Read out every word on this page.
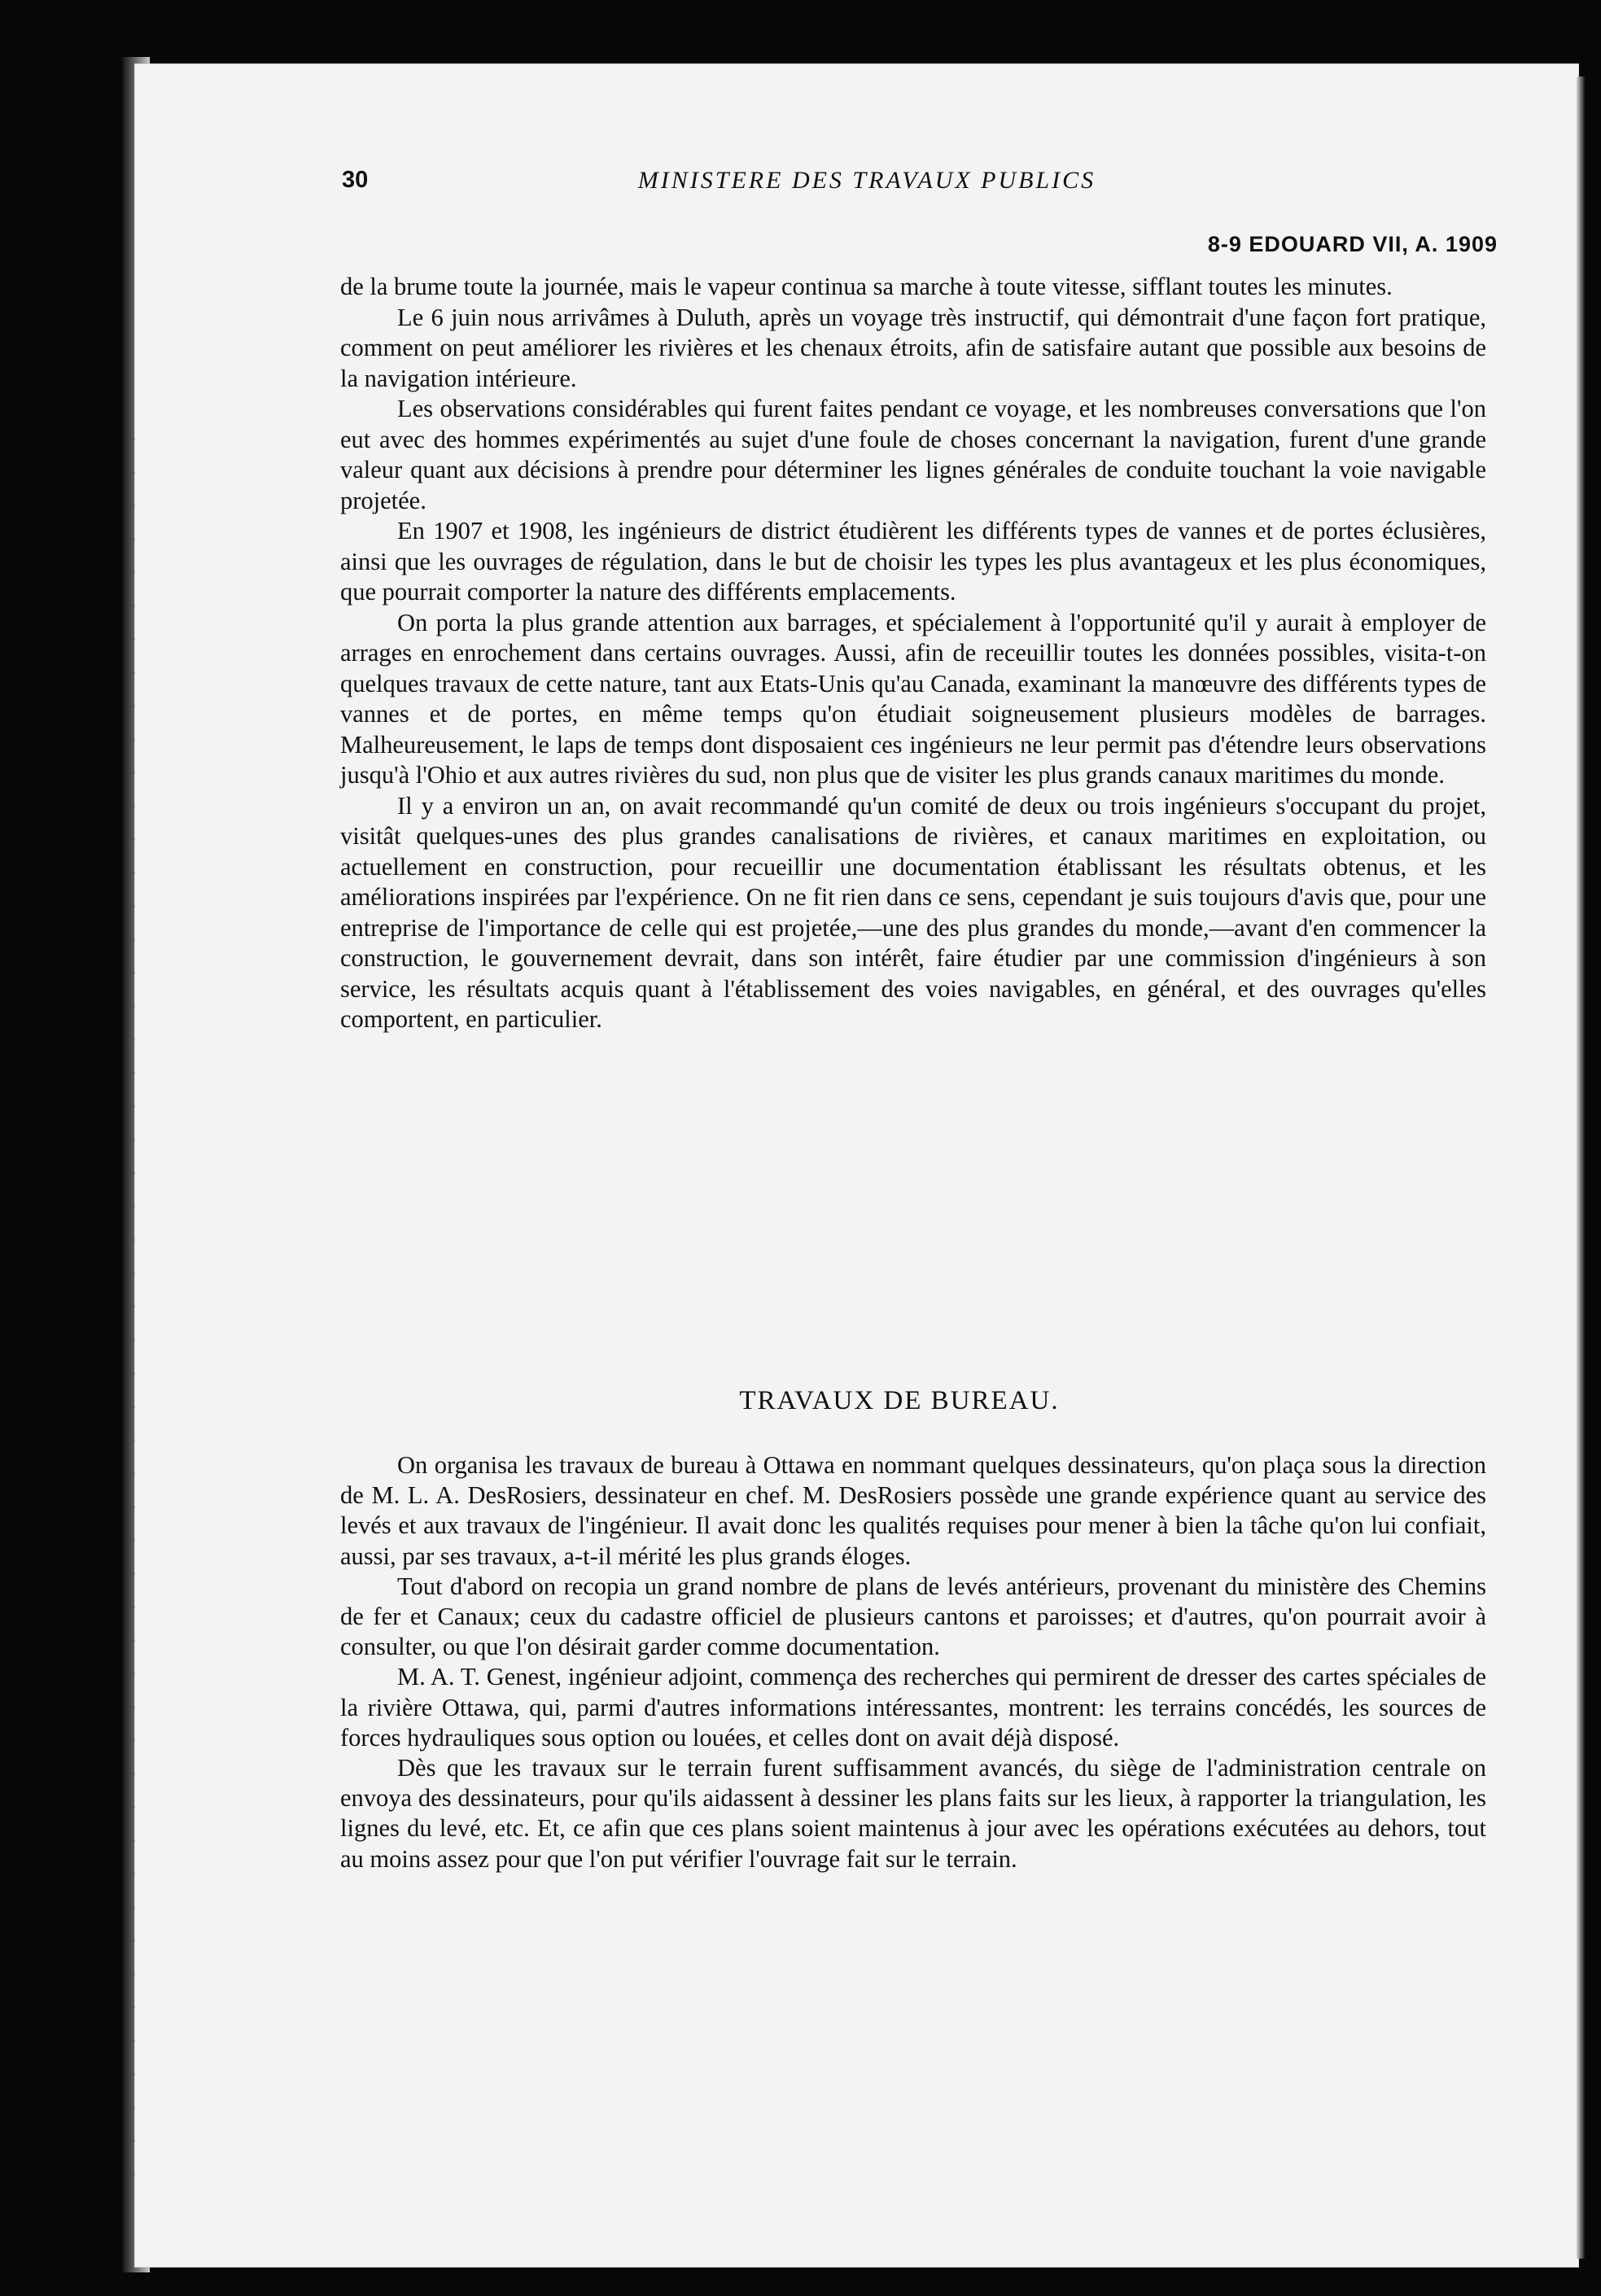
30	MINISTERE DES TRAVAUX PUBLICS
8-9 EDOUARD VII, A. 1909

de la brume toute la journée, mais le vapeur continua sa marche à toute vitesse, sifflant toutes les minutes.

Le 6 juin nous arrivâmes à Duluth, après un voyage très instructif, qui démontrait d'une façon fort pratique, comment on peut améliorer les rivières et les chenaux étroits, afin de satisfaire autant que possible aux besoins de la navigation intérieure.

Les observations considérables qui furent faites pendant ce voyage, et les nombreuses conversations que l'on eut avec des hommes expérimentés au sujet d'une foule de choses concernant la navigation, furent d'une grande valeur quant aux décisions à prendre pour déterminer les lignes générales de conduite touchant la voie navigable projetée.

En 1907 et 1908, les ingénieurs de district étudièrent les différents types de vannes et de portes éclusières, ainsi que les ouvrages de régulation, dans le but de choisir les types les plus avantageux et les plus économiques, que pourrait comporter la nature des différents emplacements.

On porta la plus grande attention aux barrages, et spécialement à l'opportunité qu'il y aurait à employer de arrages en enrochement dans certains ouvrages. Aussi, afin de receuillir toutes les données possibles, visita-t-on quelques travaux de cette nature, tant aux Etats-Unis qu'au Canada, examinant la manœuvre des différents types de vannes et de portes, en même temps qu'on étudiait soigneusement plusieurs modèles de barrages. Malheureusement, le laps de temps dont disposaient ces ingénieurs ne leur permit pas d'étendre leurs observations jusqu'à l'Ohio et aux autres rivières du sud, non plus que de visiter les plus grands canaux maritimes du monde.

Il y a environ un an, on avait recommandé qu'un comité de deux ou trois ingénieurs s'occupant du projet, visitât quelques-unes des plus grandes canalisations de rivières, et canaux maritimes en exploitation, ou actuellement en construction, pour recueillir une documentation établissant les résultats obtenus, et les améliorations inspirées par l'expérience. On ne fit rien dans ce sens, cependant je suis toujours d'avis que, pour une entreprise de l'importance de celle qui est projetée,—une des plus grandes du monde,—avant d'en commencer la construction, le gouvernement devrait, dans son intérêt, faire étudier par une commission d'ingénieurs à son service, les résultats acquis quant à l'établissement des voies navigables, en général, et des ouvrages qu'elles comportent, en particulier.

TRAVAUX DE BUREAU.

On organisa les travaux de bureau à Ottawa en nommant quelques dessinateurs, qu'on plaça sous la direction de M. L. A. DesRosiers, dessinateur en chef. M. DesRosiers possède une grande expérience quant au service des levés et aux travaux de l'ingénieur. Il avait donc les qualités requises pour mener à bien la tâche qu'on lui confiait, aussi, par ses travaux, a-t-il mérité les plus grands éloges.

Tout d'abord on recopia un grand nombre de plans de levés antérieurs, provenant du ministère des Chemins de fer et Canaux; ceux du cadastre officiel de plusieurs cantons et paroisses; et d'autres, qu'on pourrait avoir à consulter, ou que l'on désirait garder comme documentation.

M. A. T. Genest, ingénieur adjoint, commença des recherches qui permirent de dresser des cartes spéciales de la rivière Ottawa, qui, parmi d'autres informations intéressantes, montrent: les terrains concédés, les sources de forces hydrauliques sous option ou louées, et celles dont on avait déjà disposé.

Dès que les travaux sur le terrain furent suffisamment avancés, du siège de l'administration centrale on envoya des dessinateurs, pour qu'ils aidassent à dessiner les plans faits sur les lieux, à rapporter la triangulation, les lignes du levé, etc. Et, ce afin que ces plans soient maintenus à jour avec les opérations exécutées au dehors, tout au moins assez pour que l'on put vérifier l'ouvrage fait sur le terrain.
